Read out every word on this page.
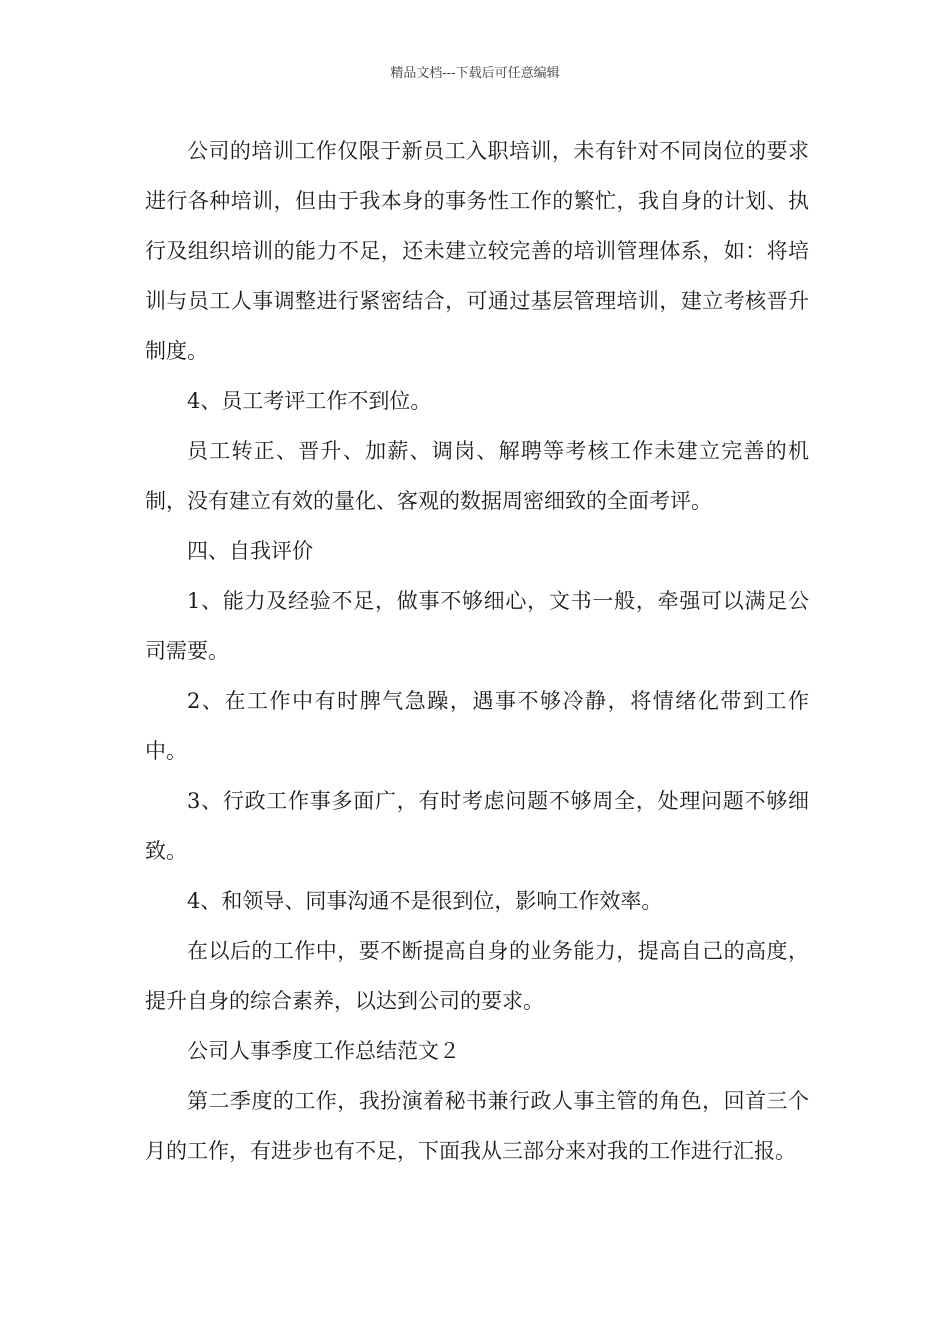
精品文档---下载后可任意编辑

公司的培训工作仅限于新员工入职培训，未有针对不同岗位的要求进行各种培训，但由于我本身的事务性工作的繁忙，我自身的计划、执行及组织培训的能力不足，还未建立较完善的培训管理体系，如：将培训与员工人事调整进行紧密结合，可通过基层管理培训，建立考核晋升制度。

4、员工考评工作不到位。

员工转正、晋升、加薪、调岗、解聘等考核工作未建立完善的机制，没有建立有效的量化、客观的数据周密细致的全面考评。

四、自我评价

1、能力及经验不足，做事不够细心，文书一般，牵强可以满足公司需要。

2、在工作中有时脾气急躁，遇事不够冷静，将情绪化带到工作中。

3、行政工作事多面广，有时考虑问题不够周全，处理问题不够细致。

4、和领导、同事沟通不是很到位，影响工作效率。

在以后的工作中，要不断提高自身的业务能力，提高自己的高度，提升自身的综合素养，以达到公司的要求。

公司人事季度工作总结范文２

第二季度的工作，我扮演着秘书兼行政人事主管的角色，回首三个月的工作，有进步也有不足，下面我从三部分来对我的工作进行汇报。
